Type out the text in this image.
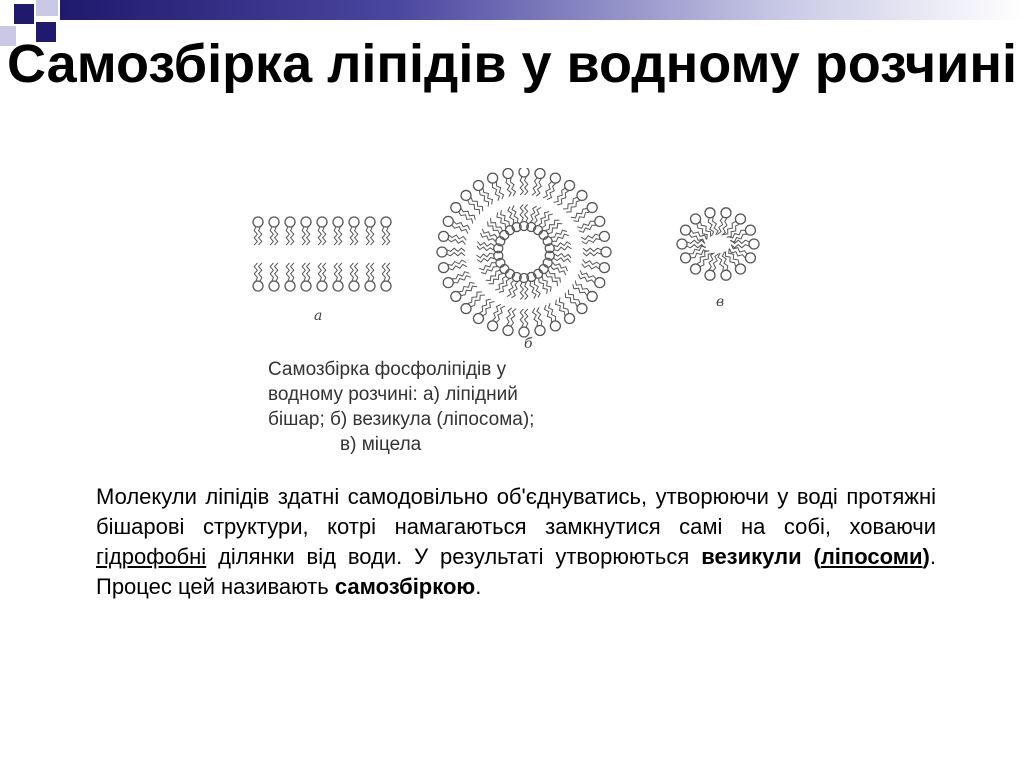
Самозбірка ліпідів у водному розчині
а
б
в
Самозбірка фосфоліпідів у
водному розчині: а) ліпідний
бішар; б) везикула (ліпосома);
в) міцела

Молекули ліпідів здатні самодовільно об'єднуватись, утворюючи у воді протяжні бішарові структури, котрі намагаються замкнутися самі на собі, ховаючи гідрофобні ділянки від води. У результаті утворюються везикули (ліпосоми). Процес цей називають самозбіркою.
